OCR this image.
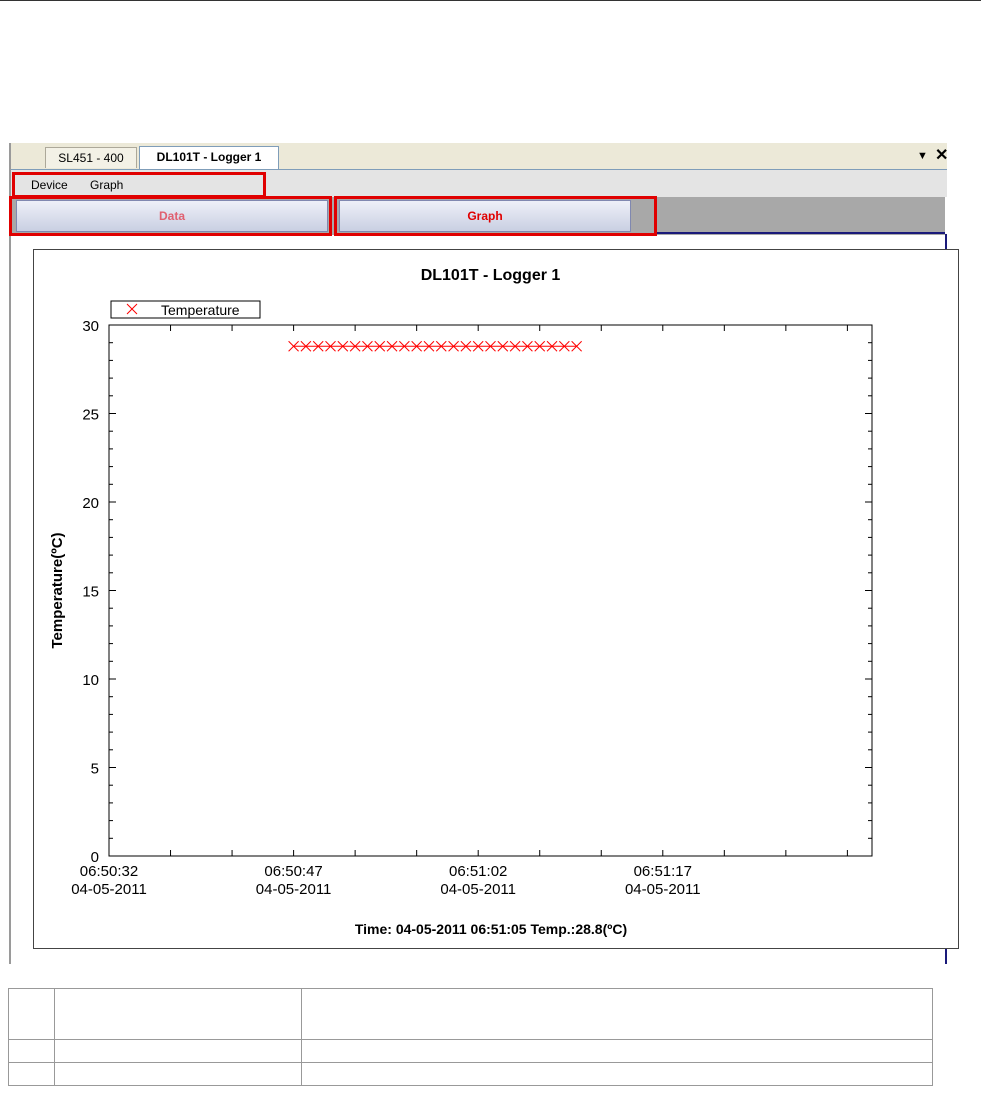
SL451 - 400	DL101T - Logger 1	▼ ✕
Device Graph
Data	Graph
DL101T - Logger 1
0
5
10
15
20
25
30
Temperature(ºC)
06:50:32
04-05-2011
06:50:47
04-05-2011
06:51:02
04-05-2011
06:51:17
04-05-2011
Temperature
Time: 04-05-2011 06:51:05 Temp.:28.8(ºC)
